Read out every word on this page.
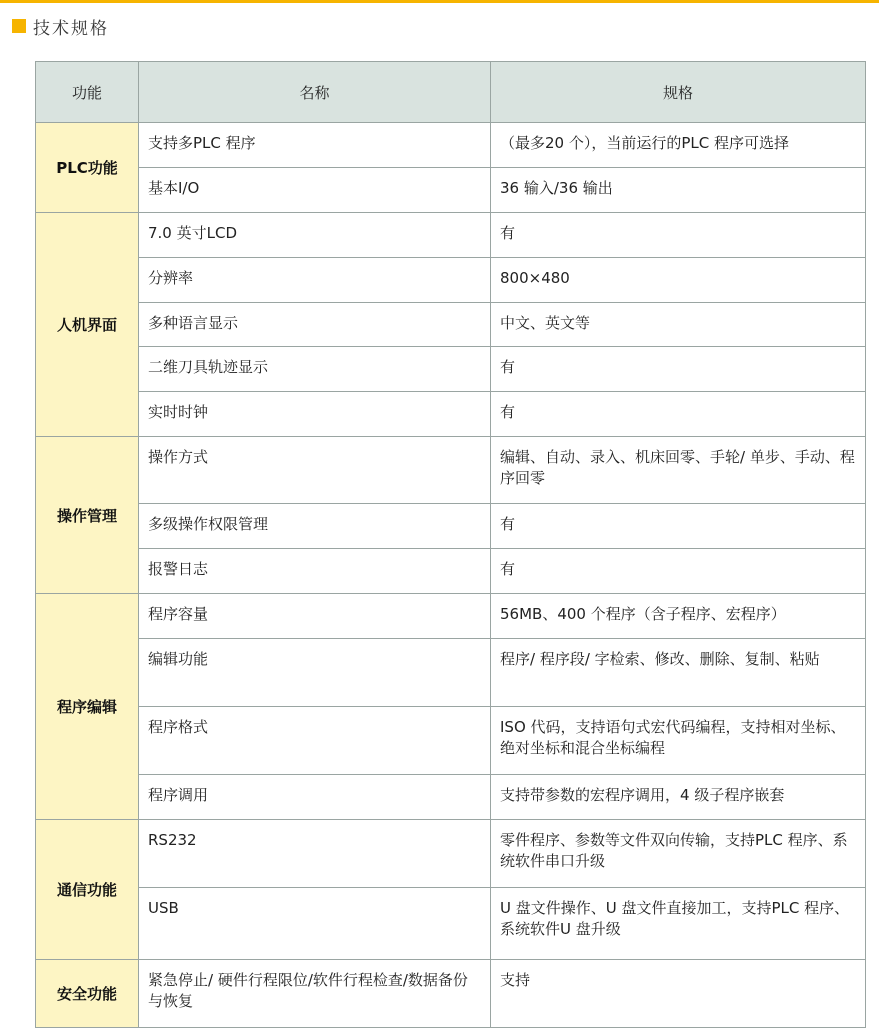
技术规格
功能	名称	规格
PLC功能	支持多PLC 程序	（最多20 个），当前运行的PLC 程序可选择
	基本I/O	36 输入/36 输出
人机界面	7.0 英寸LCD	有
	分辨率	800×480
	多种语言显示	中文、英文等
	二维刀具轨迹显示	有
	实时时钟	有
操作管理	操作方式	编辑、自动、录入、机床回零、手轮/ 单步、手动、程序回零
	多级操作权限管理	有
	报警日志	有
程序编辑	程序容量	56MB、400 个程序（含子程序、宏程序）
	编辑功能	程序/ 程序段/ 字检索、修改、删除、复制、粘贴
	程序格式	ISO 代码，支持语句式宏代码编程，支持相对坐标、绝对坐标和混合坐标编程
	程序调用	支持带参数的宏程序调用，4 级子程序嵌套
通信功能	RS232	零件程序、参数等文件双向传输，支持PLC 程序、系统软件串口升级
	USB	U 盘文件操作、U 盘文件直接加工，支持PLC 程序、系统软件U 盘升级
安全功能	紧急停止/ 硬件行程限位/软件行程检查/数据备份与恢复	支持
